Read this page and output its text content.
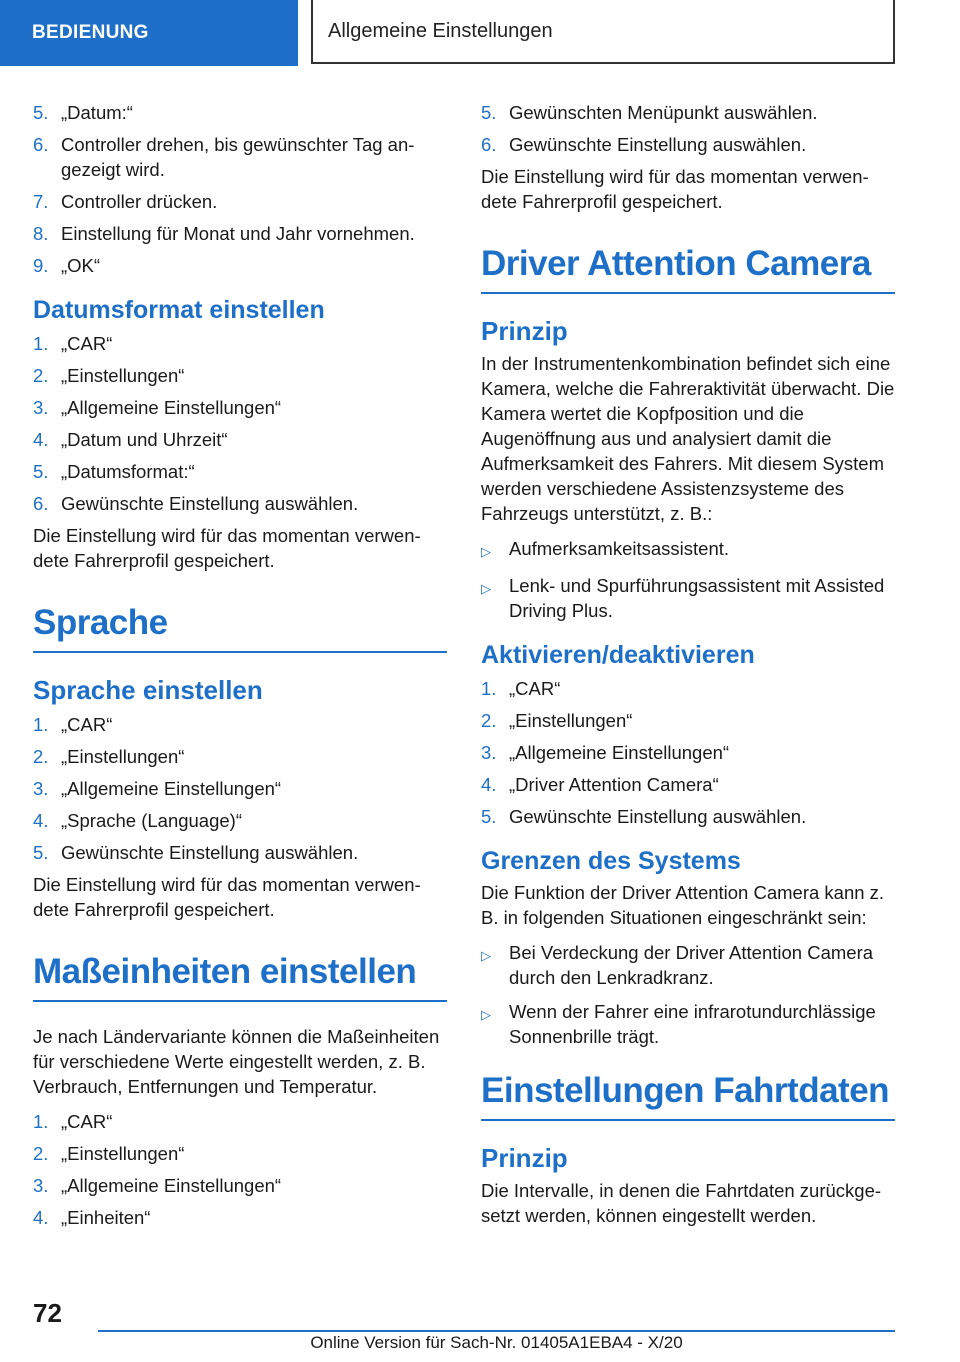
BEDIENUNG	Allgemeine Einstellungen
5. „Datum:“
6. Controller drehen, bis gewünschter Tag angezeigt wird.
7. Controller drücken.
8. Einstellung für Monat und Jahr vornehmen.
9. „OK“
Datumsformat einstellen
1. „CAR“
2. „Einstellungen“
3. „Allgemeine Einstellungen“
4. „Datum und Uhrzeit“
5. „Datumsformat:“
6. Gewünschte Einstellung auswählen.

Die Einstellung wird für das momentan verwendete Fahrerprofil gespeichert.

Sprache
Sprache einstellen
1. „CAR“
2. „Einstellungen“
3. „Allgemeine Einstellungen“
4. „Sprache (Language)“
5. Gewünschte Einstellung auswählen.

Die Einstellung wird für das momentan verwendete Fahrerprofil gespeichert.

Maßeinheiten einstellen

Je nach Ländervariante können die Maßeinheiten für verschiedene Werte eingestellt werden, z. B. Verbrauch, Entfernungen und Temperatur.

1. „CAR“
2. „Einstellungen“
3. „Allgemeine Einstellungen“
4. „Einheiten“
5. Gewünschten Menüpunkt auswählen.
6. Gewünschte Einstellung auswählen.

Die Einstellung wird für das momentan verwendete Fahrerprofil gespeichert.

Driver Attention Camera
Prinzip

In der Instrumentenkombination befindet sich eine Kamera, welche die Fahreraktivität überwacht. Die Kamera wertet die Kopfposition und die Augenöffnung aus und analysiert damit die Aufmerksamkeit des Fahrers. Mit diesem System werden verschiedene Assistenzsysteme des Fahrzeugs unterstützt, z. B.:

▷ Aufmerksamkeitsassistent.
▷ Lenk- und Spurführungsassistent mit Assisted Driving Plus.
Aktivieren/deaktivieren
1. „CAR“
2. „Einstellungen“
3. „Allgemeine Einstellungen“
4. „Driver Attention Camera“
5. Gewünschte Einstellung auswählen.
Grenzen des Systems

Die Funktion der Driver Attention Camera kann z. B. in folgenden Situationen eingeschränkt sein:

▷ Bei Verdeckung der Driver Attention Camera durch den Lenkradkranz.
▷ Wenn der Fahrer eine infrarotundurchlässige Sonnenbrille trägt.
Einstellungen Fahrtdaten
Prinzip

Die Intervalle, in denen die Fahrtdaten zurückgesetzt werden, können eingestellt werden.

72
Online Version für Sach-Nr. 01405A1EBA4 - X/20
